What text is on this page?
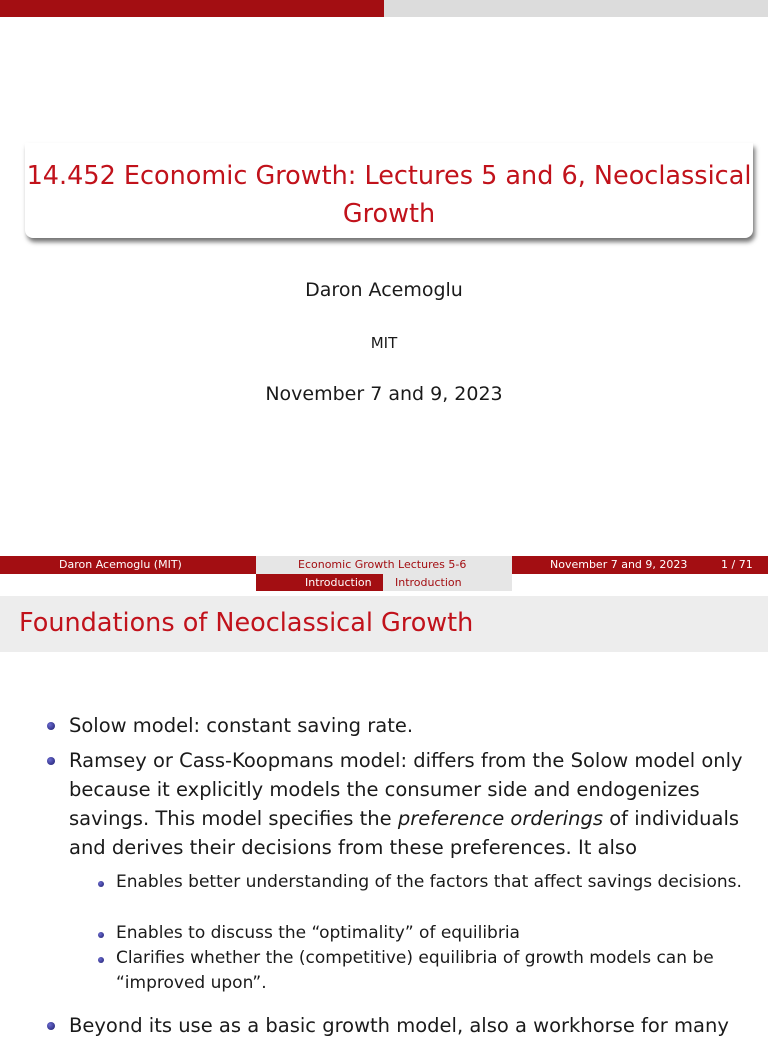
14.452 Economic Growth: Lectures 5 and 6, Neoclassical Growth
Daron Acemoglu
MIT
November 7 and 9, 2023
Daron Acemoglu (MIT)	Economic Growth Lectures 5-6	November 7 and 9, 2023	1 / 71
Introduction Introduction
Foundations of Neoclassical Growth
Solow model: constant saving rate.
Ramsey or Cass-Koopmans model: differs from the Solow model only because it explicitly models the consumer side and endogenizes savings. This model specifies the preference orderings of individuals and derives their decisions from these preferences. It also
Enables better understanding of the factors that affect savings decisions.
Enables to discuss the “optimality” of equilibria
Clarifies whether the (competitive) equilibria of growth models can be “improved upon”.
Beyond its use as a basic growth model, also a workhorse for many
